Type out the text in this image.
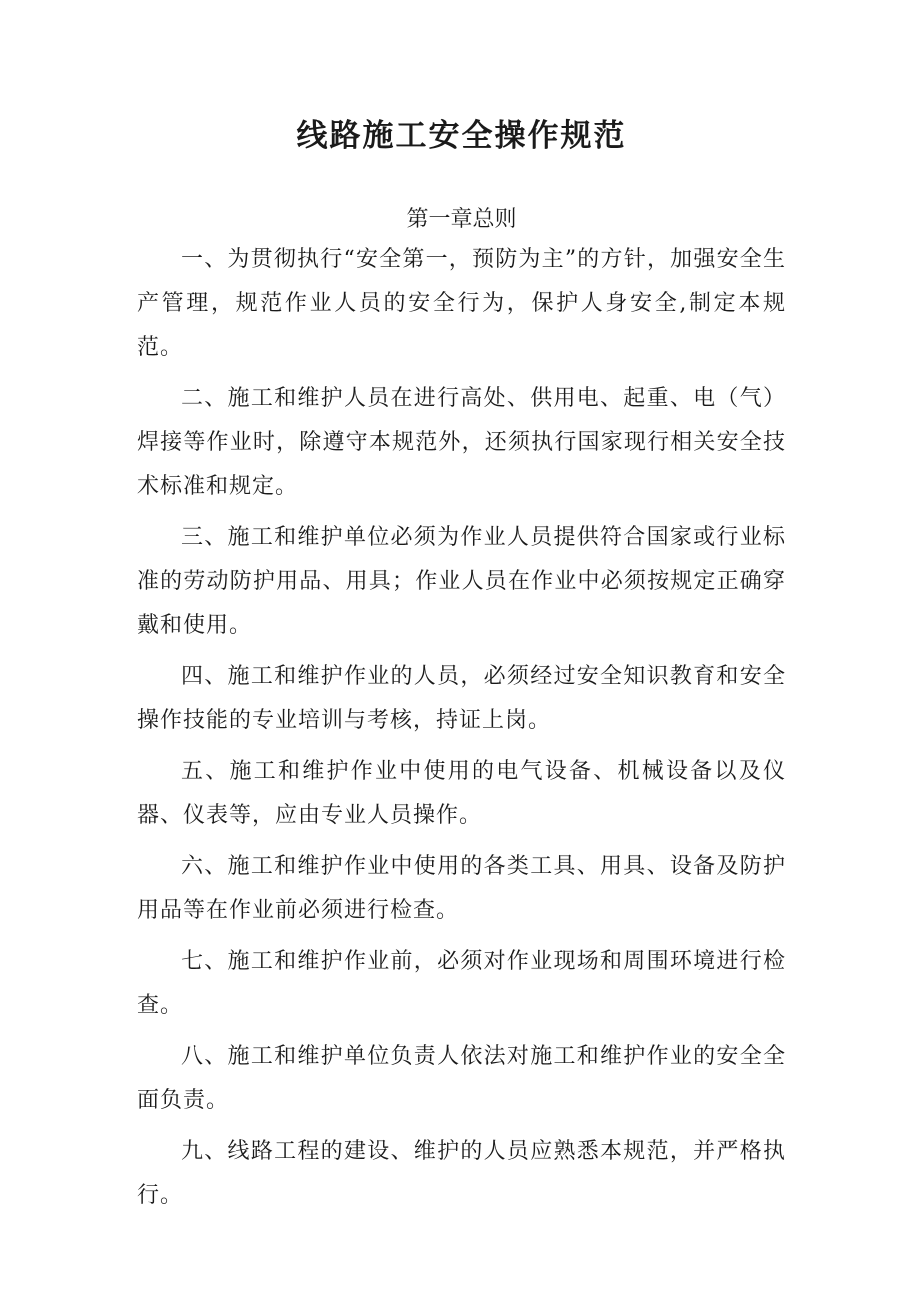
线路施工安全操作规范
第一章总则

一、为贯彻执行“安全第一，预防为主”的方针，加强安全生产管理，规范作业人员的安全行为，保护人身安全,制定本规范。

二、施工和维护人员在进行高处、供用电、起重、电（气）焊接等作业时，除遵守本规范外，还须执行国家现行相关安全技术标准和规定。

三、施工和维护单位必须为作业人员提供符合国家或行业标准的劳动防护用品、用具；作业人员在作业中必须按规定正确穿戴和使用。

四、施工和维护作业的人员，必须经过安全知识教育和安全操作技能的专业培训与考核，持证上岗。

五、施工和维护作业中使用的电气设备、机械设备以及仪器、仪表等，应由专业人员操作。

六、施工和维护作业中使用的各类工具、用具、设备及防护用品等在作业前必须进行检查。

七、施工和维护作业前，必须对作业现场和周围环境进行检查。

八、施工和维护单位负责人依法对施工和维护作业的安全全面负责。

九、线路工程的建设、维护的人员应熟悉本规范，并严格执行。
